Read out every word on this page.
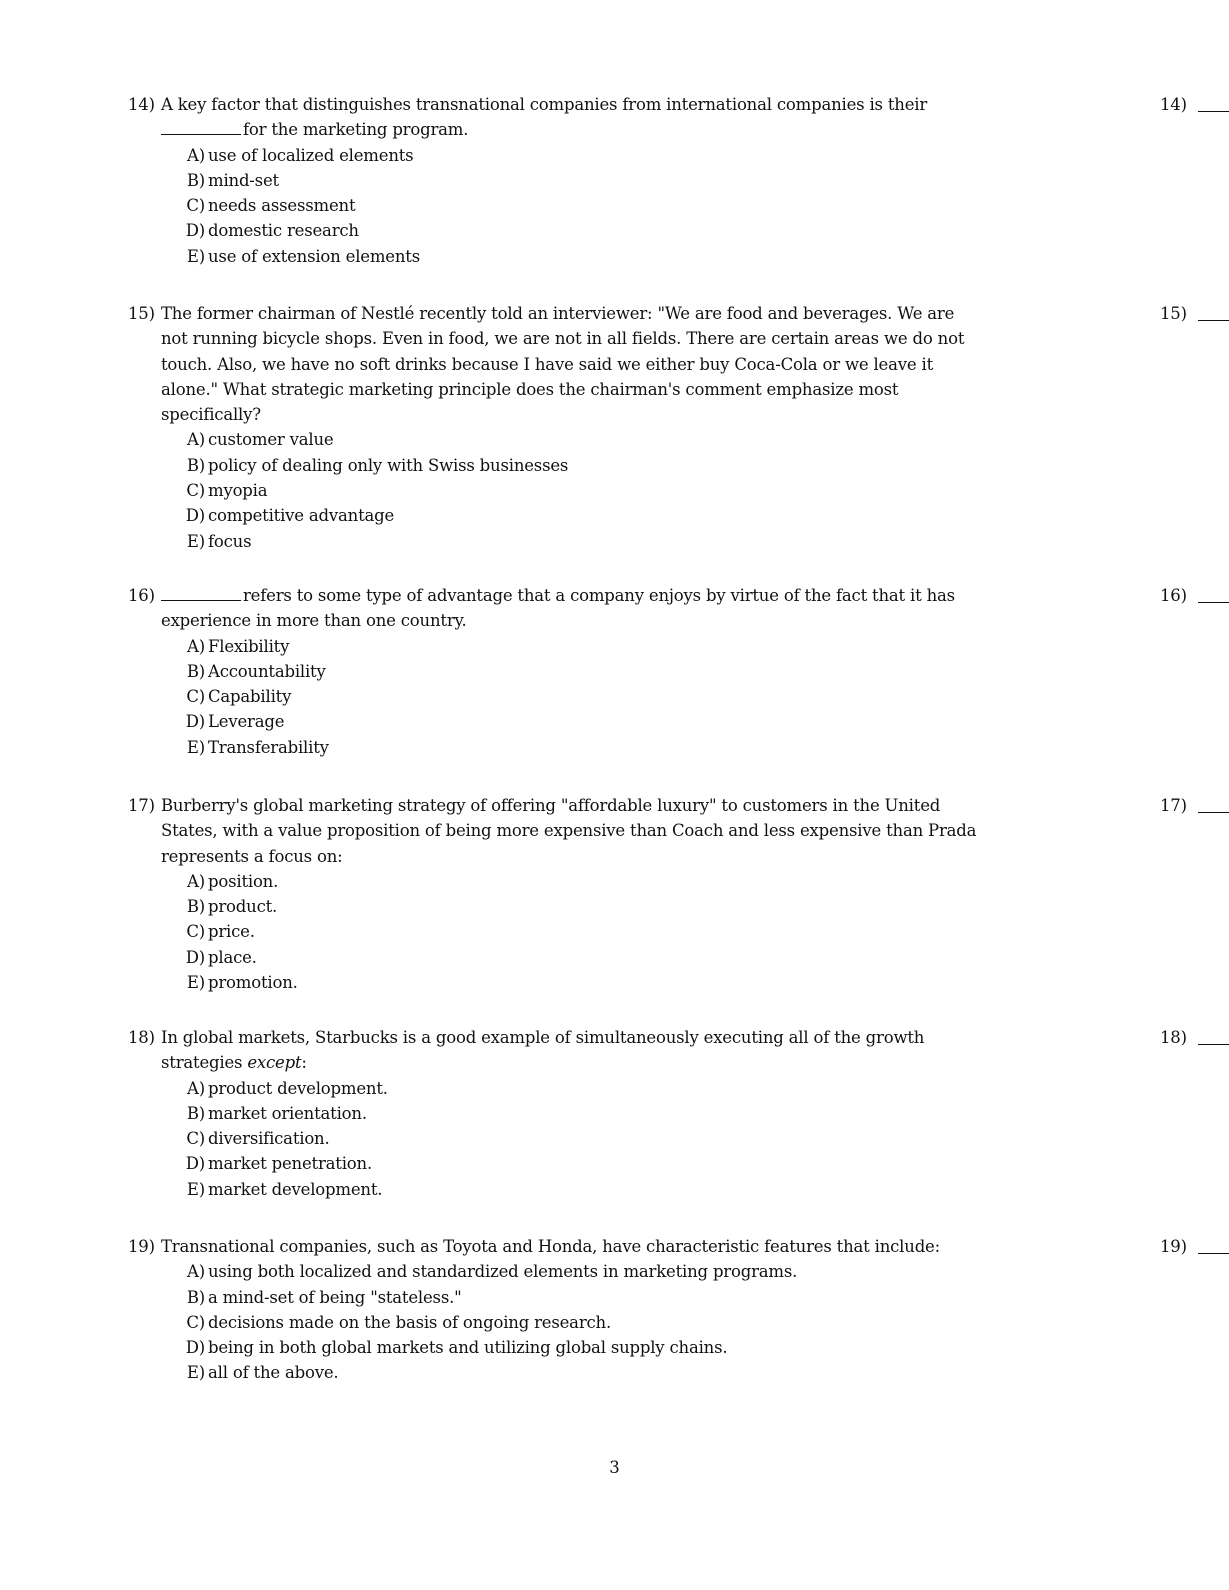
14) A key factor that distinguishes transnational companies from international companies is their
for the marketing program.
A) use of localized elements
B) mind-set
C) needs assessment
D) domestic research
E) use of extension elements
14)
15) The former chairman of Nestlé recently told an interviewer: "We are food and beverages. We are not running bicycle shops. Even in food, we are not in all fields. There are certain areas we do not touch. Also, we have no soft drinks because I have said we either buy Coca-Cola or we leave it alone." What strategic marketing principle does the chairman's comment emphasize most specifically?
A) customer value
B) policy of dealing only with Swiss businesses
C) myopia
D) competitive advantage
E) focus
15)
16)	refers to some type of advantage that a company enjoys by virtue of the fact that it has experience in more than one country.
A) Flexibility
B) Accountability
C) Capability
D) Leverage
E) Transferability
16)
17) Burberry's global marketing strategy of offering "affordable luxury" to customers in the United States, with a value proposition of being more expensive than Coach and less expensive than Prada represents a focus on:
A) position.
B) product.
C) price.
D) place.
E) promotion.
17)
18) In global markets, Starbucks is a good example of simultaneously executing all of the growth strategies except:
A) product development.
B) market orientation.
C) diversification.
D) market penetration.
E) market development.
18)
19) Transnational companies, such as Toyota and Honda, have characteristic features that include:
A) using both localized and standardized elements in marketing programs.
B) a mind-set of being "stateless."
C) decisions made on the basis of ongoing research.
D) being in both global markets and utilizing global supply chains.
E) all of the above.
19)
3
